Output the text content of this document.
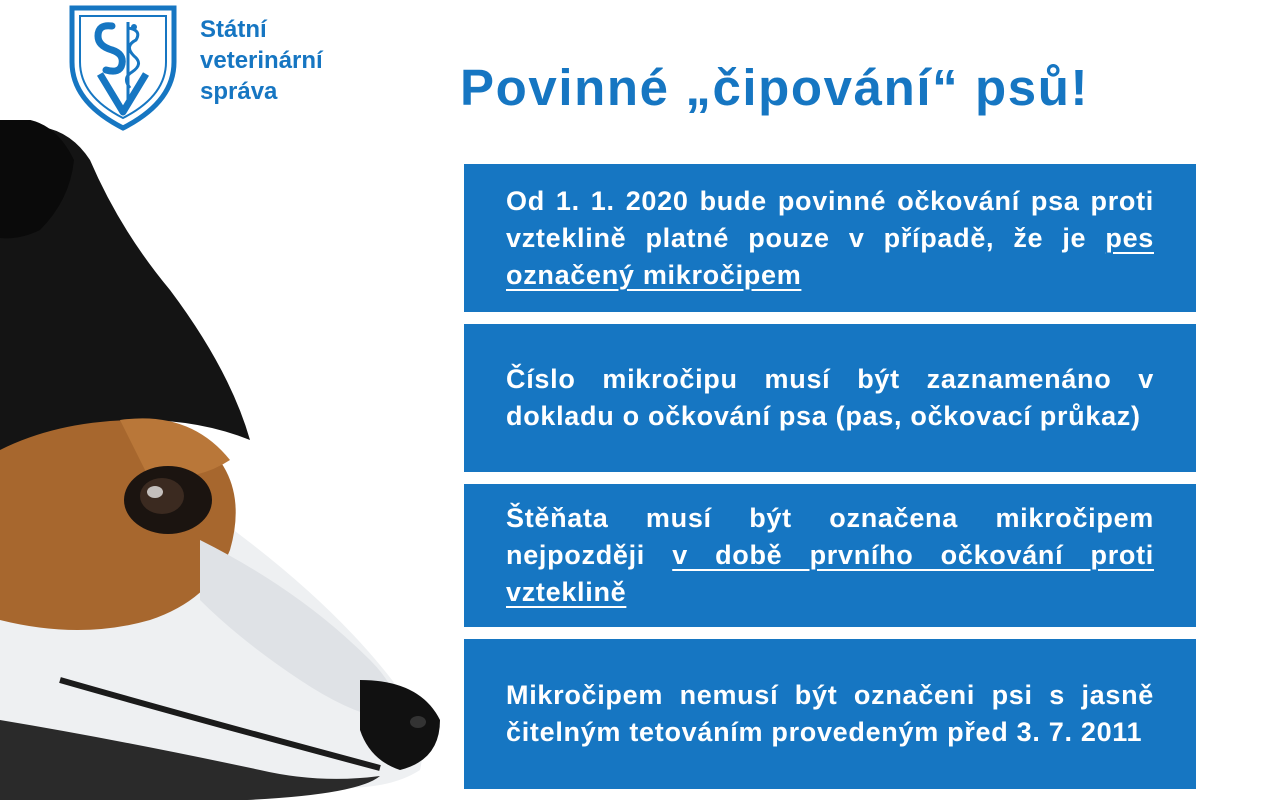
Státní
veterinární
správa	Povinné „čipování“ psů!

Od 1. 1. 2020 bude povinné očkování psa proti vzteklině platné pouze v případě, že je pes označený mikročipem

Číslo mikročipu musí být zaznamenáno v dokladu o očkování psa (pas, očkovací průkaz)

Štěňata musí být označena mikročipem nejpozději v době prvního očkování proti vzteklině

Mikročipem nemusí být označeni psi s jasně čitelným tetováním provedeným před 3. 7. 2011
